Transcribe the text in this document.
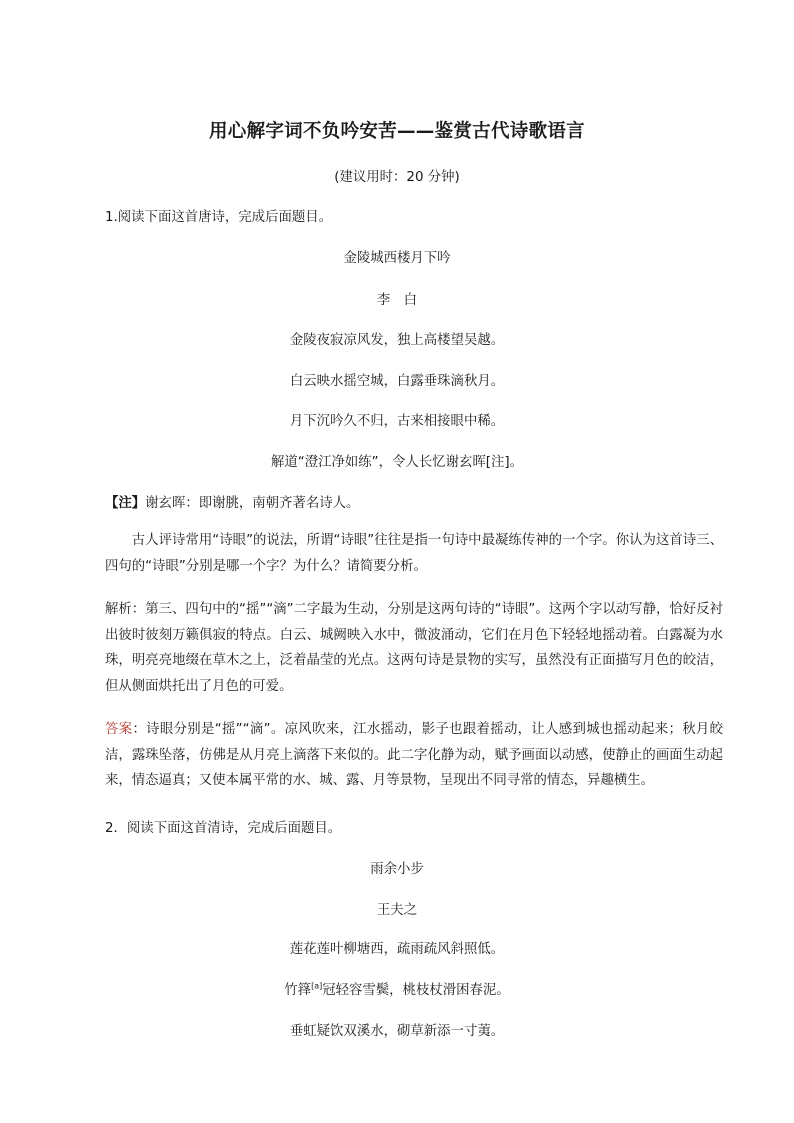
用心解字词不负吟安苦——鉴赏古代诗歌语言
(建议用时：20 分钟)
1.阅读下面这首唐诗，完成后面题目。
金陵城西楼月下吟
李　白
金陵夜寂凉风发，独上高楼望吴越。
白云映水摇空城，白露垂珠滴秋月。
月下沉吟久不归，古来相接眼中稀。
解道“澄江净如练”，令人长忆谢玄晖[注]。
【注】谢玄晖：即谢朓，南朝齐著名诗人。
古人评诗常用“诗眼”的说法，所谓“诗眼”往往是指一句诗中最凝练传神的一个字。你认为这首诗三、四句的“诗眼”分别是哪一个字？为什么？请简要分析。
解析：第三、四句中的“摇”“滴”二字最为生动，分别是这两句诗的“诗眼”。这两个字以动写静，恰好反衬出彼时彼刻万籁俱寂的特点。白云、城阙映入水中，微波涌动，它们在月色下轻轻地摇动着。白露凝为水珠，明亮亮地缀在草木之上，泛着晶莹的光点。这两句诗是景物的实写，虽然没有正面描写月色的皎洁，但从侧面烘托出了月色的可爱。
答案：诗眼分别是“摇”“滴”。凉风吹来，江水摇动，影子也跟着摇动，让人感到城也摇动起来；秋月皎洁，露珠坠落，仿佛是从月亮上滴落下来似的。此二字化静为动，赋予画面以动感，使静止的画面生动起来，情态逼真；又使本属平常的水、城、露、月等景物，呈现出不同寻常的情态，异趣横生。
2．阅读下面这首清诗，完成后面题目。
雨余小步
王夫之
莲花莲叶柳塘西，疏雨疏风斜照低。
竹箨[a]冠轻容雪鬓，桃枝杖滑困春泥。
垂虹疑饮双溪水，砌草新添一寸荑。
